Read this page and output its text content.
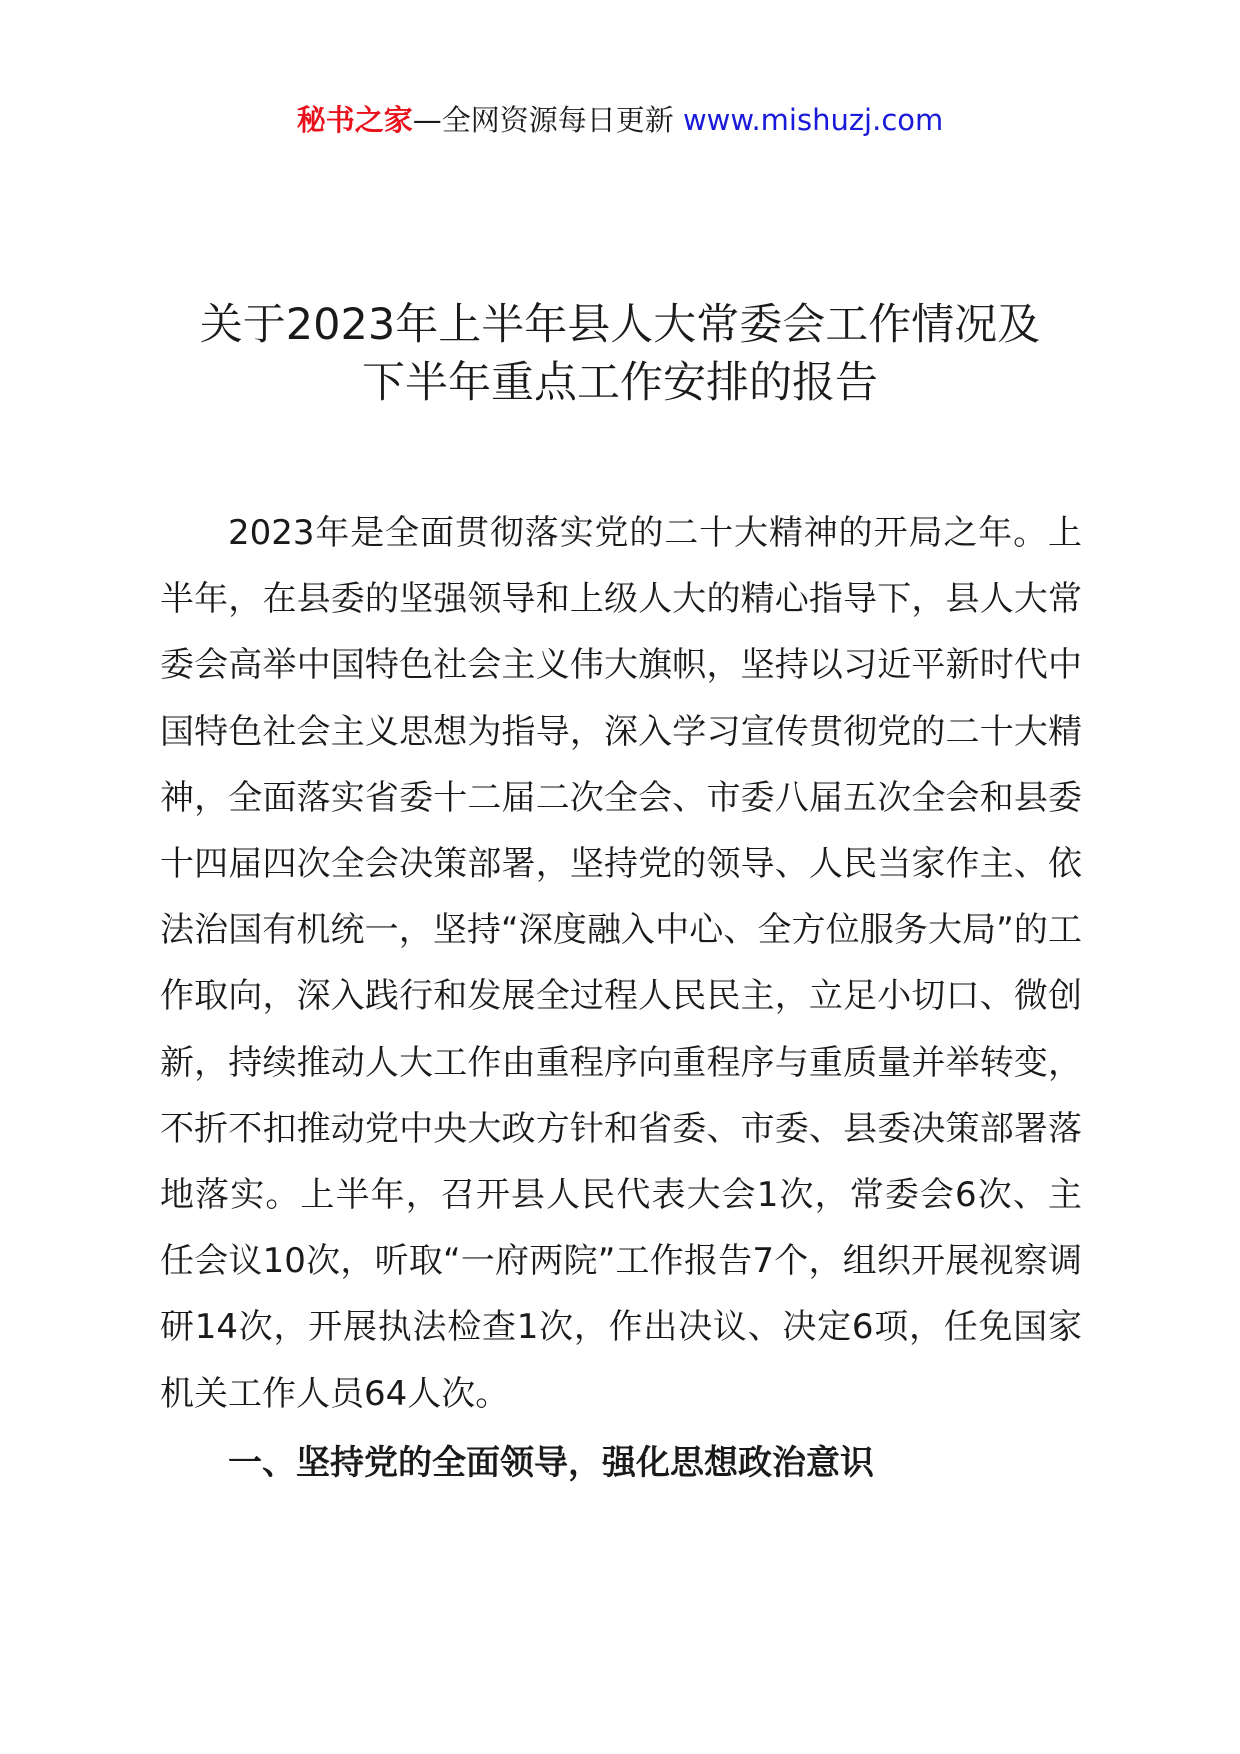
秘书之家—全网资源每日更新 www.mishuzj.com
关于2023年上半年县人大常委会工作情况及
下半年重点工作安排的报告

2023年是全面贯彻落实党的二十大精神的开局之年。上半年，在县委的坚强领导和上级人大的精心指导下，县人大常委会高举中国特色社会主义伟大旗帜，坚持以习近平新时代中国特色社会主义思想为指导，深入学习宣传贯彻党的二十大精神，全面落实省委十二届二次全会、市委八届五次全会和县委十四届四次全会决策部署，坚持党的领导、人民当家作主、依法治国有机统一，坚持“深度融入中心、全方位服务大局”的工作取向，深入践行和发展全过程人民民主，立足小切口、微创新，持续推动人大工作由重程序向重程序与重质量并举转变，不折不扣推动党中央大政方针和省委、市委、县委决策部署落地落实。上半年，召开县人民代表大会1次，常委会6次、主任会议10次，听取“一府两院”工作报告7个，组织开展视察调研14次，开展执法检查1次，作出决议、决定6项，任免国家机关工作人员64人次。

一、坚持党的全面领导，强化思想政治意识
